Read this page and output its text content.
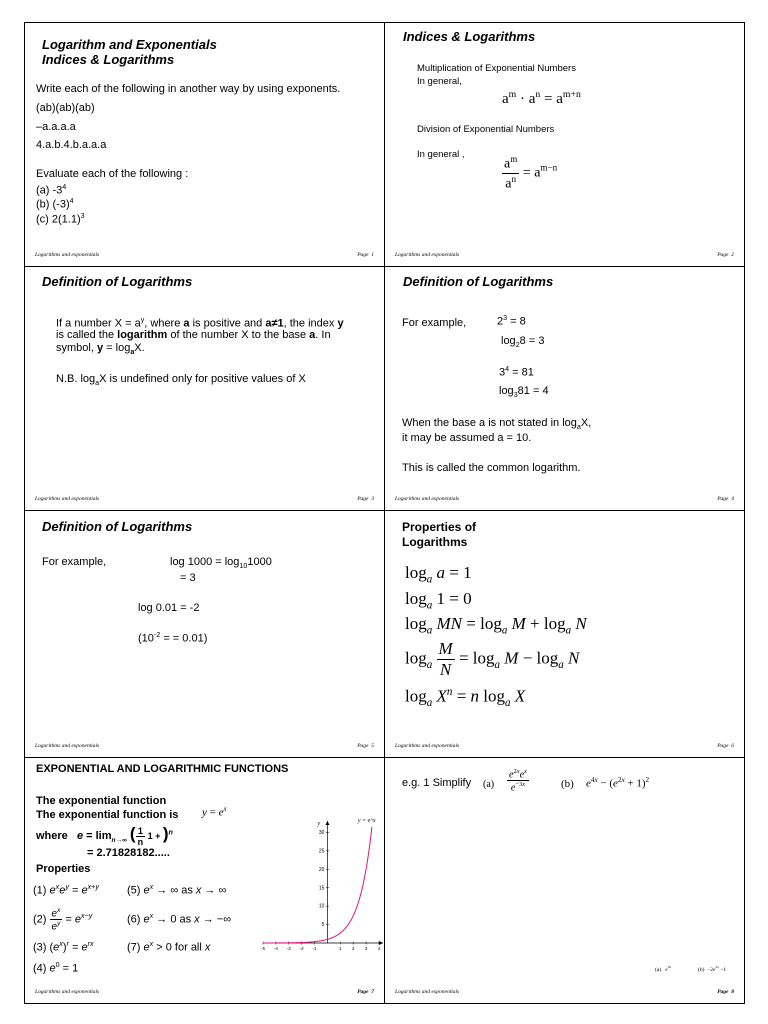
Logarithm and Exponentials
Indices & Logarithms
Write each of the following in another way by using exponents.
(ab)(ab)(ab)
–a.a.a.a
4.a.b.4.b.a.a.a
Evaluate each of the following :
(a) $-3^4$
(b) $(-3)^4$
(c) $2(1.1)^3$
Logarithms and exponentials	Page 1
Indices & Logarithms
Multiplication of Exponential Numbers
In general,
$a^m \cdot a^n = a^{m+n}$
Division of Exponential Numbers
In general ,	$\frac{a^m}{a^n} = a^{m-n}$
Logarithms and exponentials	Page 2
Definition of Logarithms
If a number $X = a^y$, where a is positive and a≠1, the index y
is called the logarithm of the number X to the base a. In
symbol, $y = \log_aX$.
N.B. $\log_aX$ is undefined only for positive values of X
Logarithms and exponentials	Page 3
Definition of Logarithms
For example,	$2^3 = 8$
$\log_28 = 3$
$3^4 = 81$
$\log_381 = 4$
When the base a is not stated in $\log_aX$,
it may be assumed a = 10.
This is called the common logarithm.
Logarithms and exponentials	Page 4
Definition of Logarithms
For example,	$\log 1000 = \log_{10}1000$
= 3
log 0.01 = -2
($10^{-2}$ = = 0.01)
Logarithms and exponentials	Page 5
Properties of
Logarithms
$\log_a a = 1$
$\log_a 1 = 0$
$\log_a$ MN = $\log_a M + \log_a N$
$\log_a \frac{M}{N} = \log_a M - \log_a N$
$\log_a X^n = n$ $\log_a X$
Logarithms and exponentials	Page 6
EXPONENTIAL AND LOGARITHMIC FUNCTIONS
The exponential function
The exponential function is $y = e^x$
where $e = \lim_{n\to\infty}$ ( $\frac{1}{n} 1 + )^n$
= 2.71828182.....
Properties
(1) $e^xe^y = e^{x+y}$	(5) $e^x$ → ∞ as x → ∞
$(2) \frac{e^x}{e^y} = e^{x-y}$	(6) $e^x \to 0$ as x → −∞
(3) $(e^x)^r = e^{rx}$	(7) $e^x > 0$ for all x
(4) $e^0 = 1$
y
-5 -4 -3 -2 -1	1 2 3 4
5
10
15
20
25
30
y = e^x
Logarithms and exponentials	Page 7
e.g. 1 Simplify $(a) \frac{e^{2x}e^x}{e^{-3x}}$	(b) $e^{4x} - (e^{2x} + 1)^2$
(a) $e^{6x}$	$(b) -2e^{2x} -1$
Logarithms and exponentials	Page 8
